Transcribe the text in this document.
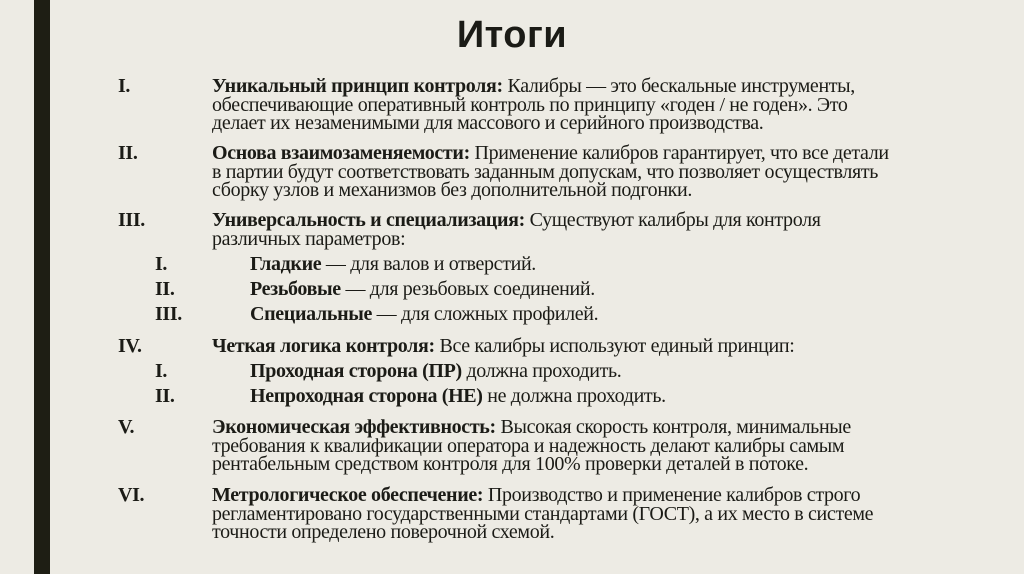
Итоги
I.	Уникальный принцип контроля: Калибры — это бескальные инструменты,
обеспечивающие оперативный контроль по принципу «годен / не годен». Это
делает их незаменимыми для массового и серийного производства.
II.	Основа взаимозаменяемости: Применение калибров гарантирует, что все детали
в партии будут соответствовать заданным допускам, что позволяет осуществлять
сборку узлов и механизмов без дополнительной подгонки.
III.	Универсальность и специализация: Существуют калибры для контроля
различных параметров:
I.	Гладкие — для валов и отверстий.
II.	Резьбовые — для резьбовых соединений.
III.	Специальные — для сложных профилей.
IV.	Четкая логика контроля: Все калибры используют единый принцип:
I.	Проходная сторона (ПР) должна проходить.
II.	Непроходная сторона (НЕ) не должна проходить.
V.	Экономическая эффективность: Высокая скорость контроля, минимальные
требования к квалификации оператора и надежность делают калибры самым
рентабельным средством контроля для 100% проверки деталей в потоке.
VI.	Метрологическое обеспечение: Производство и применение калибров строго
регламентировано государственными стандартами (ГОСТ), а их место в системе
точности определено поверочной схемой.
